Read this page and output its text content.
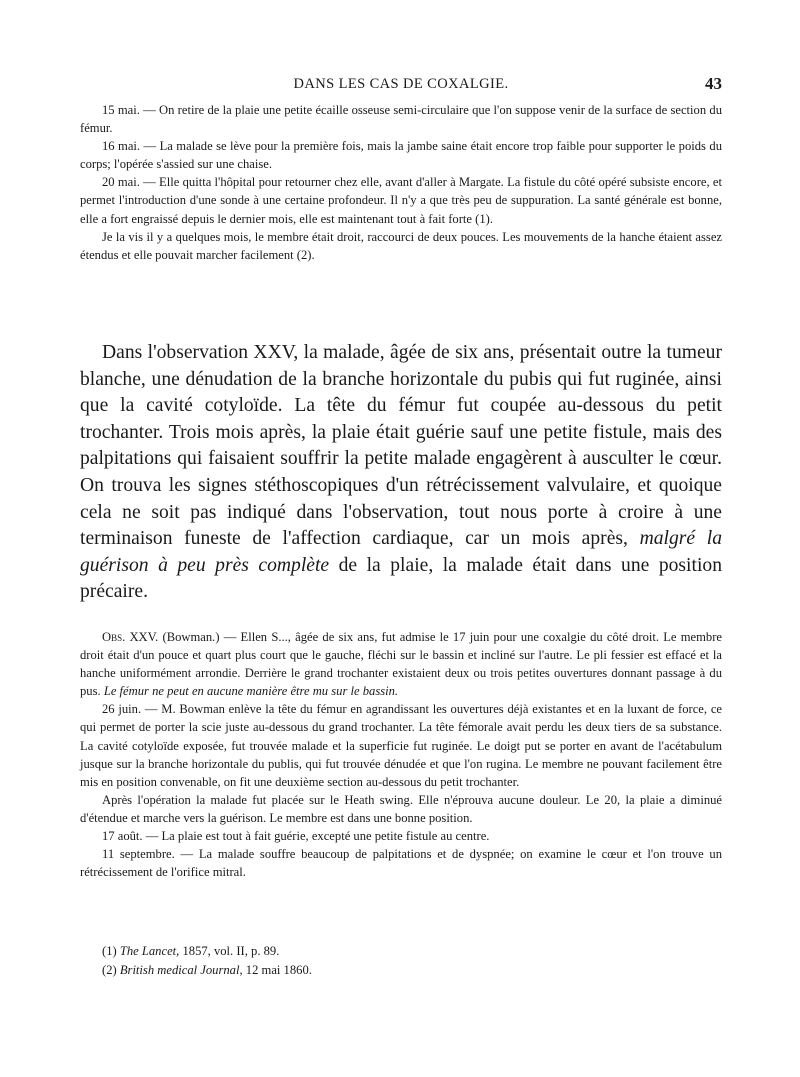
DANS LES CAS DE COXALGIE.	43

15 mai. — On retire de la plaie une petite écaille osseuse semi-circulaire que l'on suppose venir de la surface de section du fémur.

16 mai. — La malade se lève pour la première fois, mais la jambe saine était encore trop faible pour supporter le poids du corps; l'opérée s'assied sur une chaise.

20 mai. — Elle quitta l'hôpital pour retourner chez elle, avant d'aller à Margate. La fistule du côté opéré subsiste encore, et permet l'introduction d'une sonde à une certaine profondeur. Il n'y a que très peu de suppuration. La santé générale est bonne, elle a fort engraissé depuis le dernier mois, elle est maintenant tout à fait forte (1).

Je la vis il y a quelques mois, le membre était droit, raccourci de deux pouces. Les mouvements de la hanche étaient assez étendus et elle pouvait marcher facilement (2).

Dans l'observation XXV, la malade, âgée de six ans, présentait outre la tumeur blanche, une dénudation de la branche horizontale du pubis qui fut ruginée, ainsi que la cavité cotyloïde. La tête du fémur fut coupée au-dessous du petit trochanter. Trois mois après, la plaie était guérie sauf une petite fistule, mais des palpitations qui faisaient souffrir la petite malade engagèrent à ausculter le cœur. On trouva les signes stéthoscopiques d'un rétrécissement valvulaire, et quoique cela ne soit pas indiqué dans l'observation, tout nous porte à croire à une terminaison funeste de l'affection cardiaque, car un mois après, malgré la guérison à peu près complète de la plaie, la malade était dans une position précaire.

Obs. XXV. (Bowman.) — Ellen S..., âgée de six ans, fut admise le 17 juin pour une coxalgie du côté droit. Le membre droit était d'un pouce et quart plus court que le gauche, fléchi sur le bassin et incliné sur l'autre. Le pli fessier est effacé et la hanche uniformément arrondie. Derrière le grand trochanter existaient deux ou trois petites ouvertures donnant passage à du pus. Le fémur ne peut en aucune manière être mu sur le bassin.

26 juin. — M. Bowman enlève la tête du fémur en agrandissant les ouvertures déjà existantes et en la luxant de force, ce qui permet de porter la scie juste au-dessous du grand trochanter. La tête fémorale avait perdu les deux tiers de sa substance. La cavité cotyloïde exposée, fut trouvée malade et la superficie fut ruginée. Le doigt put se porter en avant de l'acétabulum jusque sur la branche horizontale du publis, qui fut trouvée dénudée et que l'on rugina. Le membre ne pouvant facilement être mis en position convenable, on fit une deuxième section au-dessous du petit trochanter.

Après l'opération la malade fut placée sur le Heath swing. Elle n'éprouva aucune douleur. Le 20, la plaie a diminué d'étendue et marche vers la guérison. Le membre est dans une bonne position.

17 août. — La plaie est tout à fait guérie, excepté une petite fistule au centre.

11 septembre. — La malade souffre beaucoup de palpitations et de dyspnée; on examine le cœur et l'on trouve un rétrécissement de l'orifice mitral.

(1) The Lancet, 1857, vol. II, p. 89.

(2) British medical Journal, 12 mai 1860.
